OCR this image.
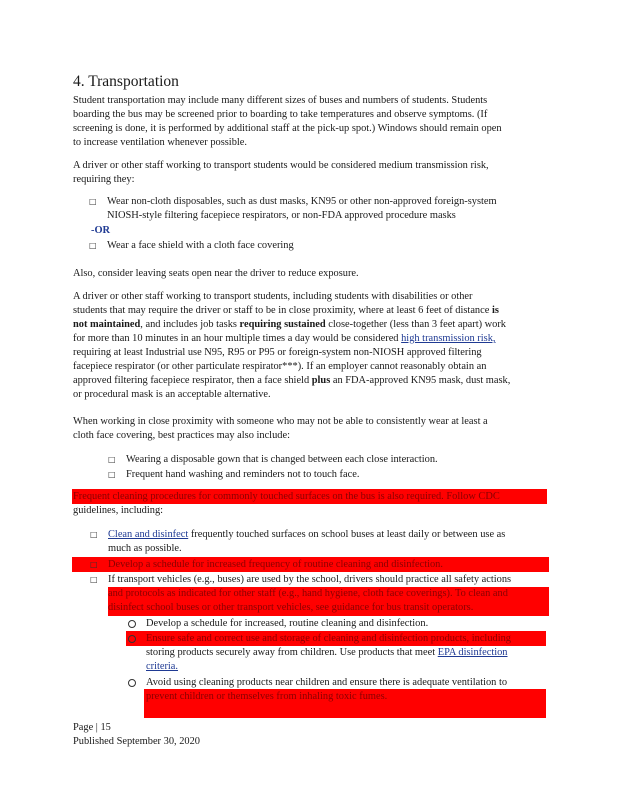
4. Transportation

Student transportation may include many different sizes of buses and numbers of students. Students
boarding the bus may be screened prior to boarding to take temperatures and observe symptoms. (If
screening is done, it is performed by additional staff at the pick-up spot.) Windows should remain open
to increase ventilation whenever possible.

A driver or other staff working to transport students would be considered medium transmission risk,
requiring they:

□ Wear non-cloth disposables, such as dust masks, KN95 or other non-approved foreign-system
NIOSH-style filtering facepiece respirators, or non-FDA approved procedure masks
-OR
□ Wear a face shield with a cloth face covering

Also, consider leaving seats open near the driver to reduce exposure.

A driver or other staff working to transport students, including students with disabilities or other
students that may require the driver or staff to be in close proximity, where at least 6 feet of distance is
not maintained, and includes job tasks requiring sustained close-together (less than 3 feet apart) work
for more than 10 minutes in an hour multiple times a day would be considered high transmission risk,
requiring at least Industrial use N95, R95 or P95 or foreign-system non-NIOSH approved filtering
facepiece respirator (or other particulate respirator***). If an employer cannot reasonably obtain an
approved filtering facepiece respirator, then a face shield plus an FDA-approved KN95 mask, dust mask,
or procedural mask is an acceptable alternative.

When working in close proximity with someone who may not be able to consistently wear at least a
cloth face covering, best practices may also include:

□ Wearing a disposable gown that is changed between each close interaction.
□ Frequent hand washing and reminders not to touch face.

Frequent cleaning procedures for commonly touched surfaces on the bus is also required. Follow CDC
guidelines, including:

□ Clean and disinfect frequently touched surfaces on school buses at least daily or between use as
much as possible.
□ Develop a schedule for increased frequency of routine cleaning and disinfection.
□ If transport vehicles (e.g., buses) are used by the school, drivers should practice all safety actions
and protocols as indicated for other staff (e.g., hand hygiene, cloth face coverings). To clean and
disinfect school buses or other transport vehicles, see guidance for bus transit operators.
Develop a schedule for increased, routine cleaning and disinfection.
Ensure safe and correct use and storage of cleaning and disinfection products, including
storing products securely away from children. Use products that meet EPA disinfection
criteria.
Avoid using cleaning products near children and ensure there is adequate ventilation to
prevent children or themselves from inhaling toxic fumes.
Page | 15
Published September 30, 2020
